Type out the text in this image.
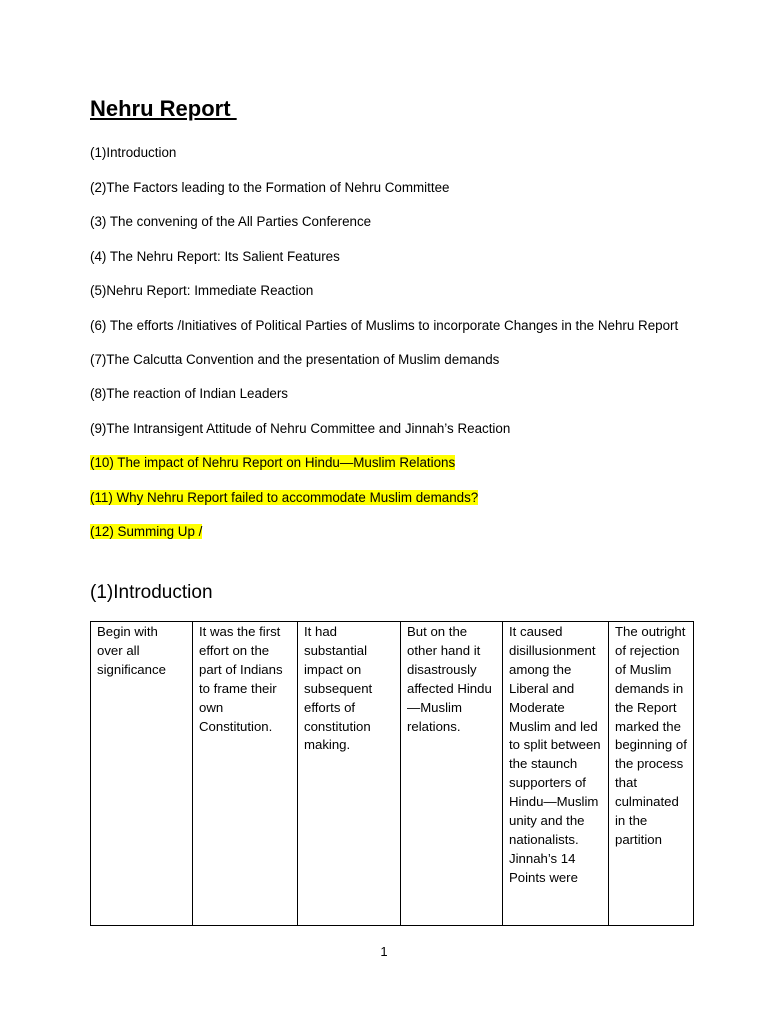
Nehru Report
(1)Introduction
(2)The Factors leading to the Formation of Nehru Committee
(3) The convening of the All Parties Conference
(4) The Nehru Report: Its Salient Features
(5)Nehru Report: Immediate Reaction
(6) The efforts /Initiatives of Political Parties of Muslims to incorporate Changes in the Nehru Report
(7)The Calcutta Convention and the presentation of Muslim demands
(8)The reaction of Indian Leaders
(9)The Intransigent Attitude of Nehru Committee and Jinnah’s Reaction
(10) The impact of Nehru Report on Hindu—Muslim Relations
(11) Why Nehru Report failed to accommodate Muslim demands?
(12) Summing Up /
(1)Introduction
Begin with over all significance	It was the first effort on the part of Indians to frame their own Constitution.	It had substantial impact on subsequent efforts of constitution making.	But on the other hand it disastrously affected Hindu—Muslim relations.	It caused disillusionment among the Liberal and Moderate Muslim and led to split between the staunch supporters of Hindu—Muslim unity and the nationalists. Jinnah’s 14 Points were	The outright of rejection of Muslim demands in the Report marked the beginning of the process that culminated in the partition
1
